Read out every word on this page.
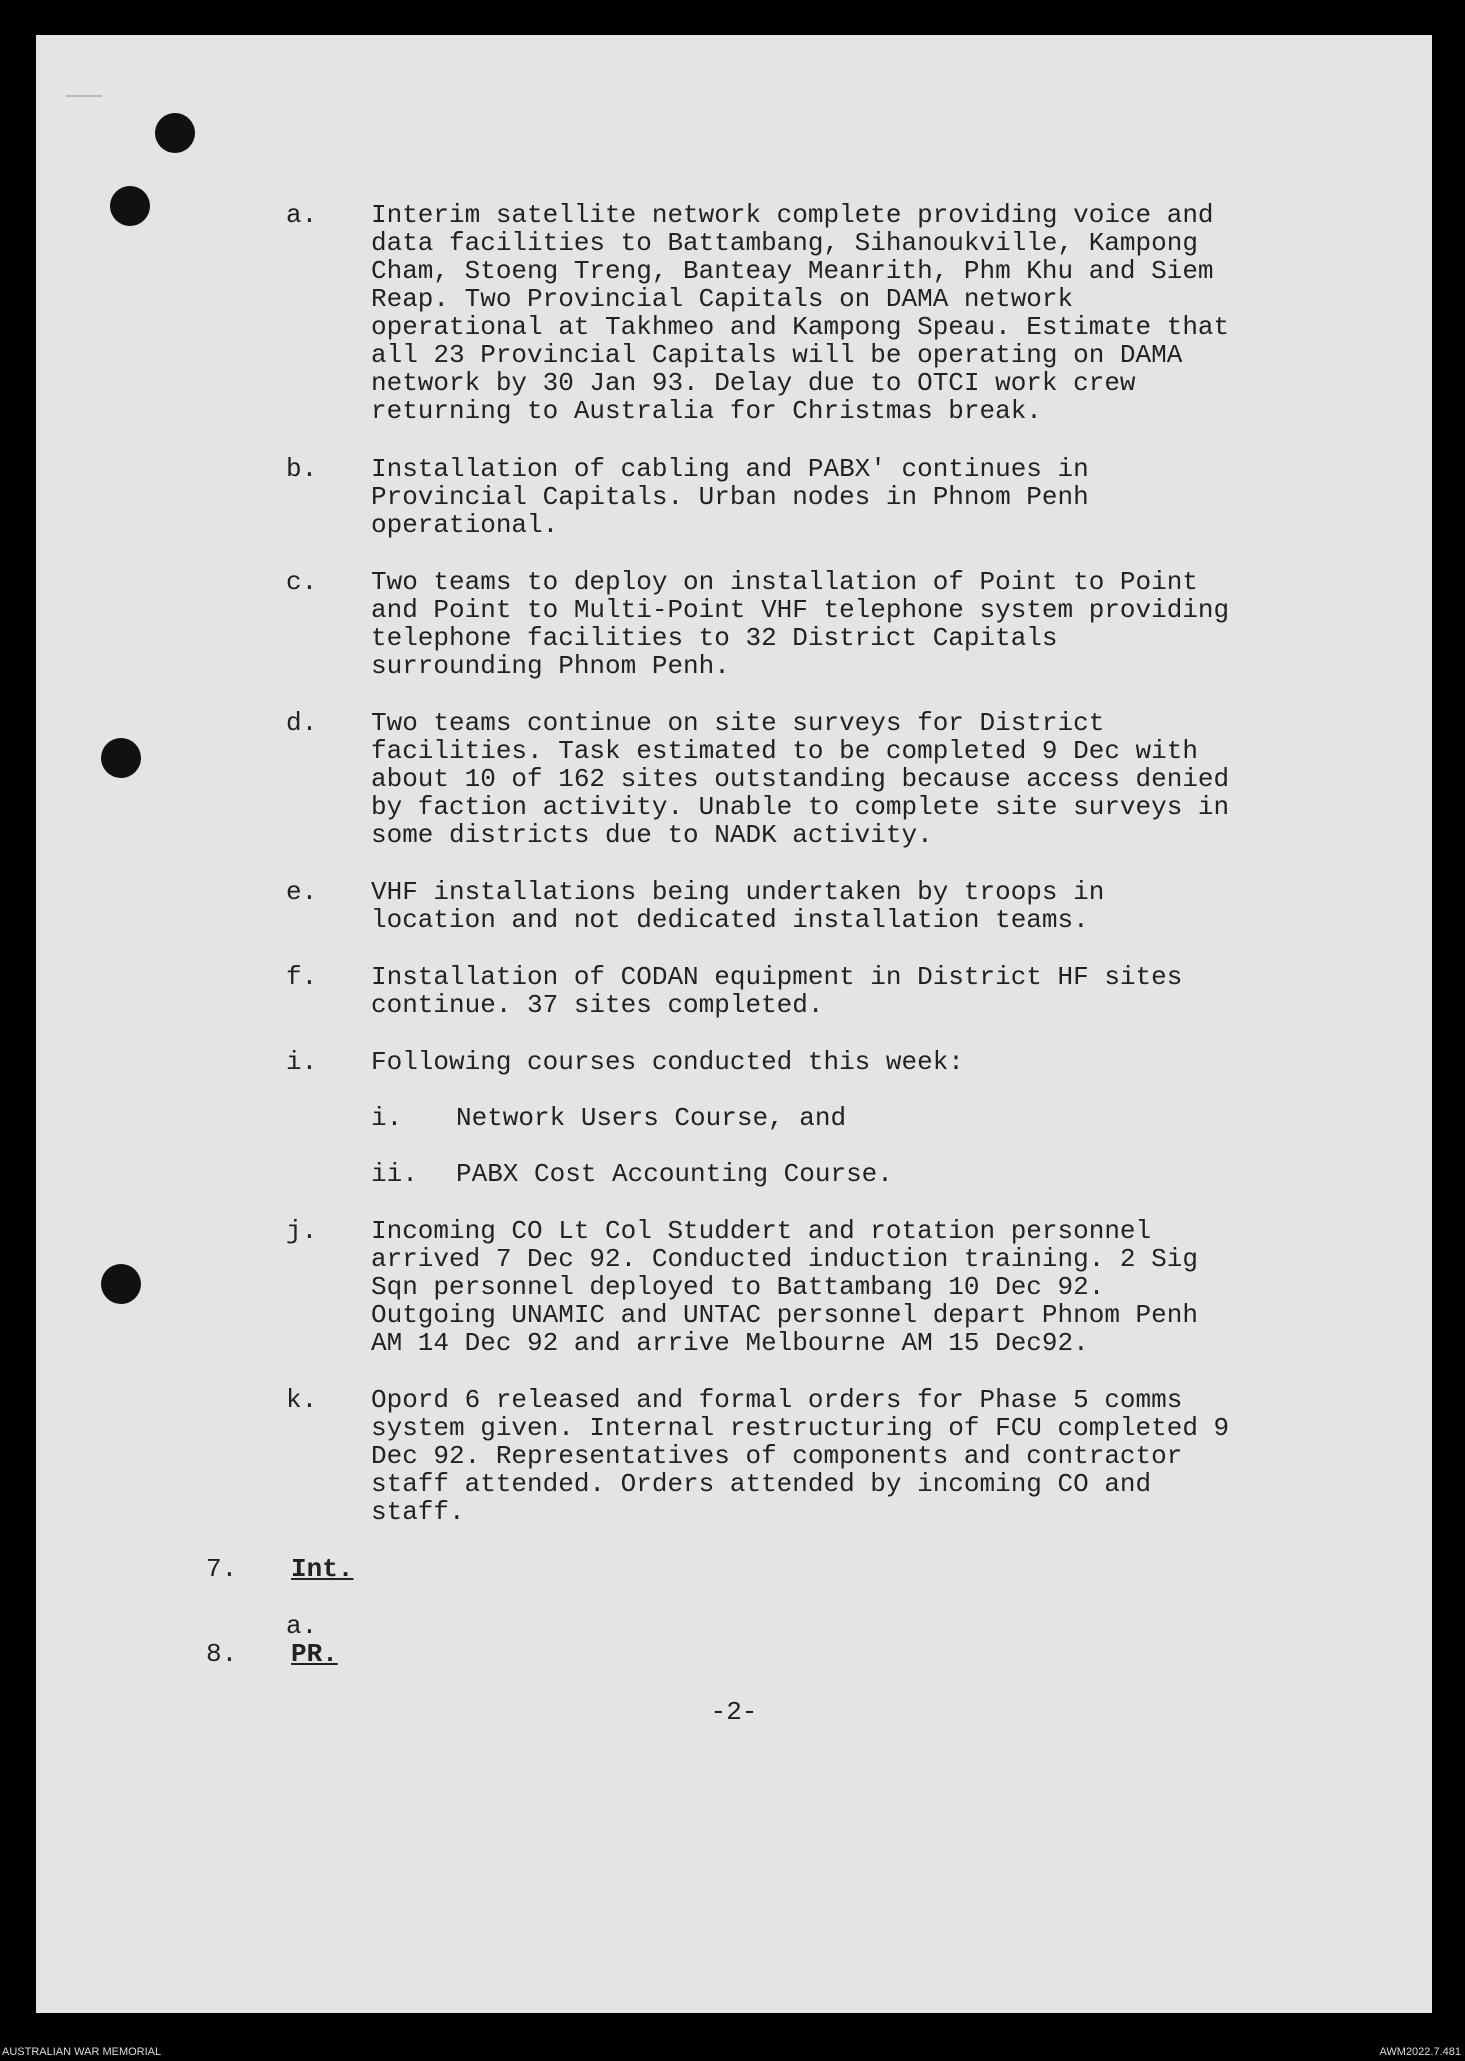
a. Interim satellite network complete providing voice and
data facilities to Battambang, Sihanoukville, Kampong
Cham, Stoeng Treng, Banteay Meanrith, Phm Khu and Siem
Reap. Two Provincial Capitals on DAMA network
operational at Takhmeo and Kampong Speau. Estimate that
all 23 Provincial Capitals will be operating on DAMA
network by 30 Jan 93. Delay due to OTCI work crew
returning to Australia for Christmas break.
b. Installation of cabling and PABX' continues in
Provincial Capitals. Urban nodes in Phnom Penh
operational.
c. Two teams to deploy on installation of Point to Point
and Point to Multi-Point VHF telephone system providing
telephone facilities to 32 District Capitals
surrounding Phnom Penh.
d. Two teams continue on site surveys for District
facilities. Task estimated to be completed 9 Dec with
about 10 of 162 sites outstanding because access denied
by faction activity. Unable to complete site surveys in
some districts due to NADK activity.
e. VHF installations being undertaken by troops in
location and not dedicated installation teams.
f. Installation of CODAN equipment in District HF sites
continue. 37 sites completed.
i. Following courses conducted this week:
i. Network Users Course, and
ii. PABX Cost Accounting Course.
j. Incoming CO Lt Col Studdert and rotation personnel
arrived 7 Dec 92. Conducted induction training. 2 Sig
Sqn personnel deployed to Battambang 10 Dec 92.
Outgoing UNAMIC and UNTAC personnel depart Phnom Penh
AM 14 Dec 92 and arrive Melbourne AM 15 Dec92.
k. Opord 6 released and formal orders for Phase 5 comms
system given. Internal restructuring of FCU completed 9
Dec 92. Representatives of components and contractor
staff attended. Orders attended by incoming CO and
staff.
7. Int.
a.
8. PR.
-2-
AUSTRALIAN WAR MEMORIAL	AWM2022.7.481
